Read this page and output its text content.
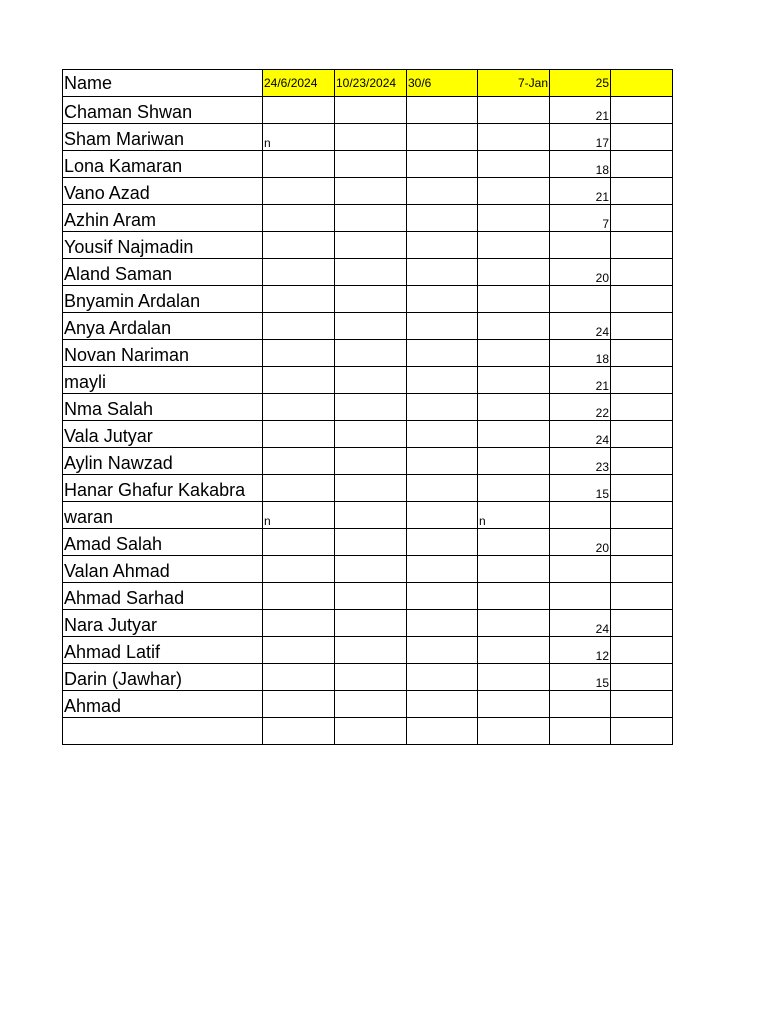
Name	24/6/2024	10/23/2024	30/6	7-Jan	25	
Chaman Shwan					21	
Sham Mariwan	n				17	
Lona Kamaran					18	
Vano Azad					21	
Azhin Aram					7	
Yousif Najmadin						
Aland Saman					20	
Bnyamin Ardalan						
Anya Ardalan					24	
Novan Nariman					18	
mayli					21	
Nma Salah					22	
Vala Jutyar					24	
Aylin Nawzad					23	
Hanar Ghafur Kakabra					15	
waran	n			n		
Amad Salah					20	
Valan Ahmad						
Ahmad Sarhad						
Nara Jutyar					24	
Ahmad Latif					12	
Darin (Jawhar)					15	
Ahmad						
